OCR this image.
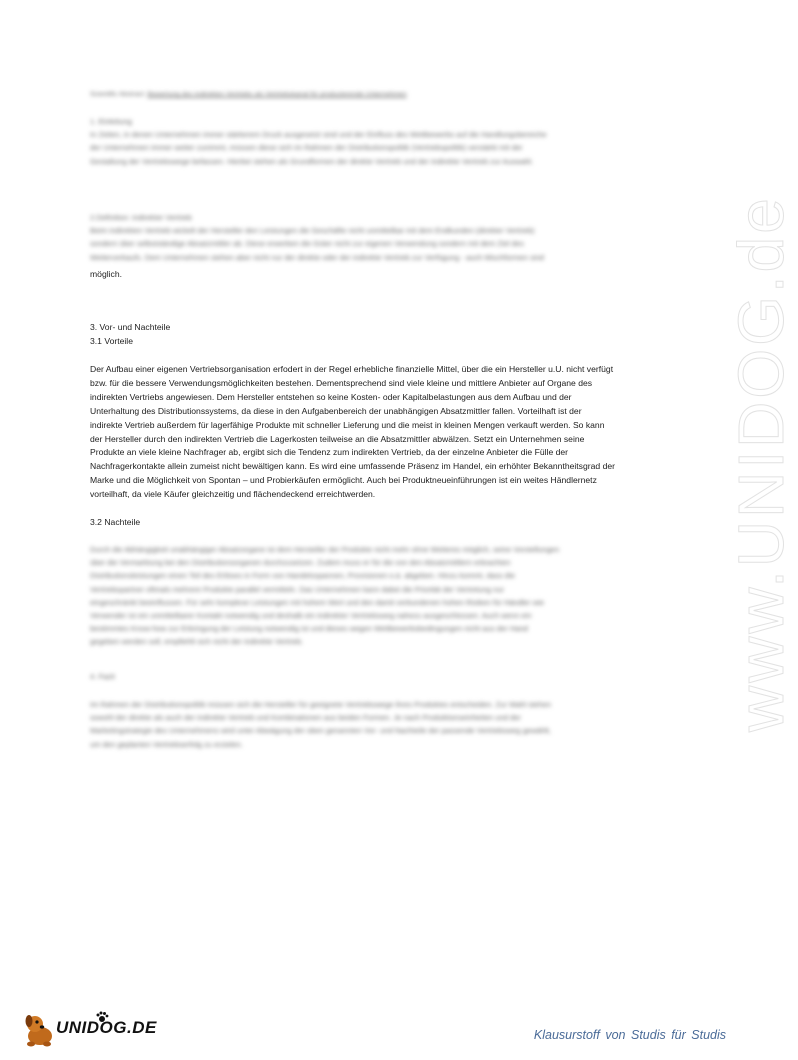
Scientific Abstract: Bewertung des indirekten Vertriebs als Vertriebskanal für produzierende Unternehmen
1. Einleitung
In Zeiten, in denen Unternehmen immer stärkerem Druck ausgesetzt sind und der Einfluss des Wettbewerbs auf die Handlungsbereiche
der Unternehmen immer weiter zunimmt, müssen diese sich im Rahmen der Distributionspolitik (Vertriebspolitik) verstärkt mit der
Gestaltung der Vertriebswege befassen. Hierbei stehen als Grundformen der direkte Vertrieb und der indirekte Vertrieb zur Auswahl.
2.Definition: indirekter Vertrieb
Beim indirekten Vertrieb wickelt der Hersteller den Leistungen die Geschäfte nicht unmittelbar mit dem Endkunden (direkter Vertrieb)
sondern über selbstständige Absatzmittler ab. Diese erwerben die Güter nicht zur eigenen Verwendung sondern mit dem Ziel des
Weiterverkaufs. Dem Unternehmen stehen aber nicht nur der direkte oder der indirekte Vertrieb zur Verfügung - auch Mischformen sind
möglich.
3. Vor- und Nachteile
3.1 Vorteile
Der Aufbau einer eigenen Vertriebsorganisation erfodert in der Regel erhebliche finanzielle Mittel, über die ein Hersteller u.U. nicht verfügt
bzw. für die bessere Verwendungsmöglichkeiten bestehen. Dementsprechend sind viele kleine und mittlere Anbieter auf Organe des
indirekten Vertriebs angewiesen. Dem Hersteller entstehen so keine Kosten- oder Kapitalbelastungen aus dem Aufbau und der
Unterhaltung des Distributionssystems, da diese in den Aufgabenbereich der unabhängigen Absatzmittler fallen. Vorteilhaft ist der
indirekte Vertrieb außerdem für lagerfähige Produkte mit schneller Lieferung und die meist in kleinen Mengen verkauft werden. So kann
der Hersteller durch den indirekten Vertrieb die Lagerkosten teilweise an die Absatzmittler abwälzen. Setzt ein Unternehmen seine
Produkte an viele kleine Nachfrager ab, ergibt sich die Tendenz zum indirekten Vertrieb, da der einzelne Anbieter die Fülle der
Nachfragerkontakte allein zumeist nicht bewältigen kann. Es wird eine umfassende Präsenz im Handel, ein erhöhter Bekanntheitsgrad der
Marke und die Möglichkeit von Spontan – und Probierkäufen ermöglicht. Auch bei Produktneueinführungen ist ein weites Händlernetz
vorteilhaft, da viele Käufer gleichzeitig und flächendeckend erreichtwerden.
3.2 Nachteile
Durch die Abhängigkeit unabhängiger Absatzorgane ist dem Hersteller der Produkte nicht mehr ohne Weiteres möglich, seine Vorstellungen
über die Vermarktung bei den Distributionsorganen durchzusetzen. Zudem muss er für die von den Absatzmittlern erbrachten
Distributionsleistungen einen Teil des Erlöses in Form von Handelsspannen, Provisionen o.ä. abgeben. Hinzu kommt, dass die
Vertriebspartner oftmals mehrere Produkte parallel vermitteln. Das Unternehmen kann dabei die Priorität der Vertretung nur
eingeschränkt beeinflussen. Für sehr komplexe Leistungen mit hohem Wert und den damit verbundenen hohen Risiken für Händler wie
Verwender ist ein unmittelbarer Kontakt notwendig und deshalb ein indirekter Vertriebsweg nahezu ausgeschlossen. Auch wenn ein
bestimmtes Know-how zur Erbringung der Leistung notwendig ist und dieses wegen Wettbewerbsbedingungen nicht aus der Hand
gegeben werden soll, empfiehlt sich nicht der indirekte Vertrieb.
4. Fazit
Im Rahmen der Distributionspolitik müssen sich die Hersteller für geeignete Vertriebswege ihres Produktes entscheiden. Zur Wahl stehen
sowohl der direkte als auch der indirekte Vertrieb und Kombinationen aus beiden Formen. Je nach Produktionseinheiten und der
Marketingstrategie des Unternehmens wird unter Abwägung der oben genannten Vor- und Nachteile der passende Vertriebsweg gewählt,
um den geplanten Vertriebserfolg zu erzielen.
www.UNIDOG.de
UNIDOG.DE	Klausurstoff von Studis für Studis
